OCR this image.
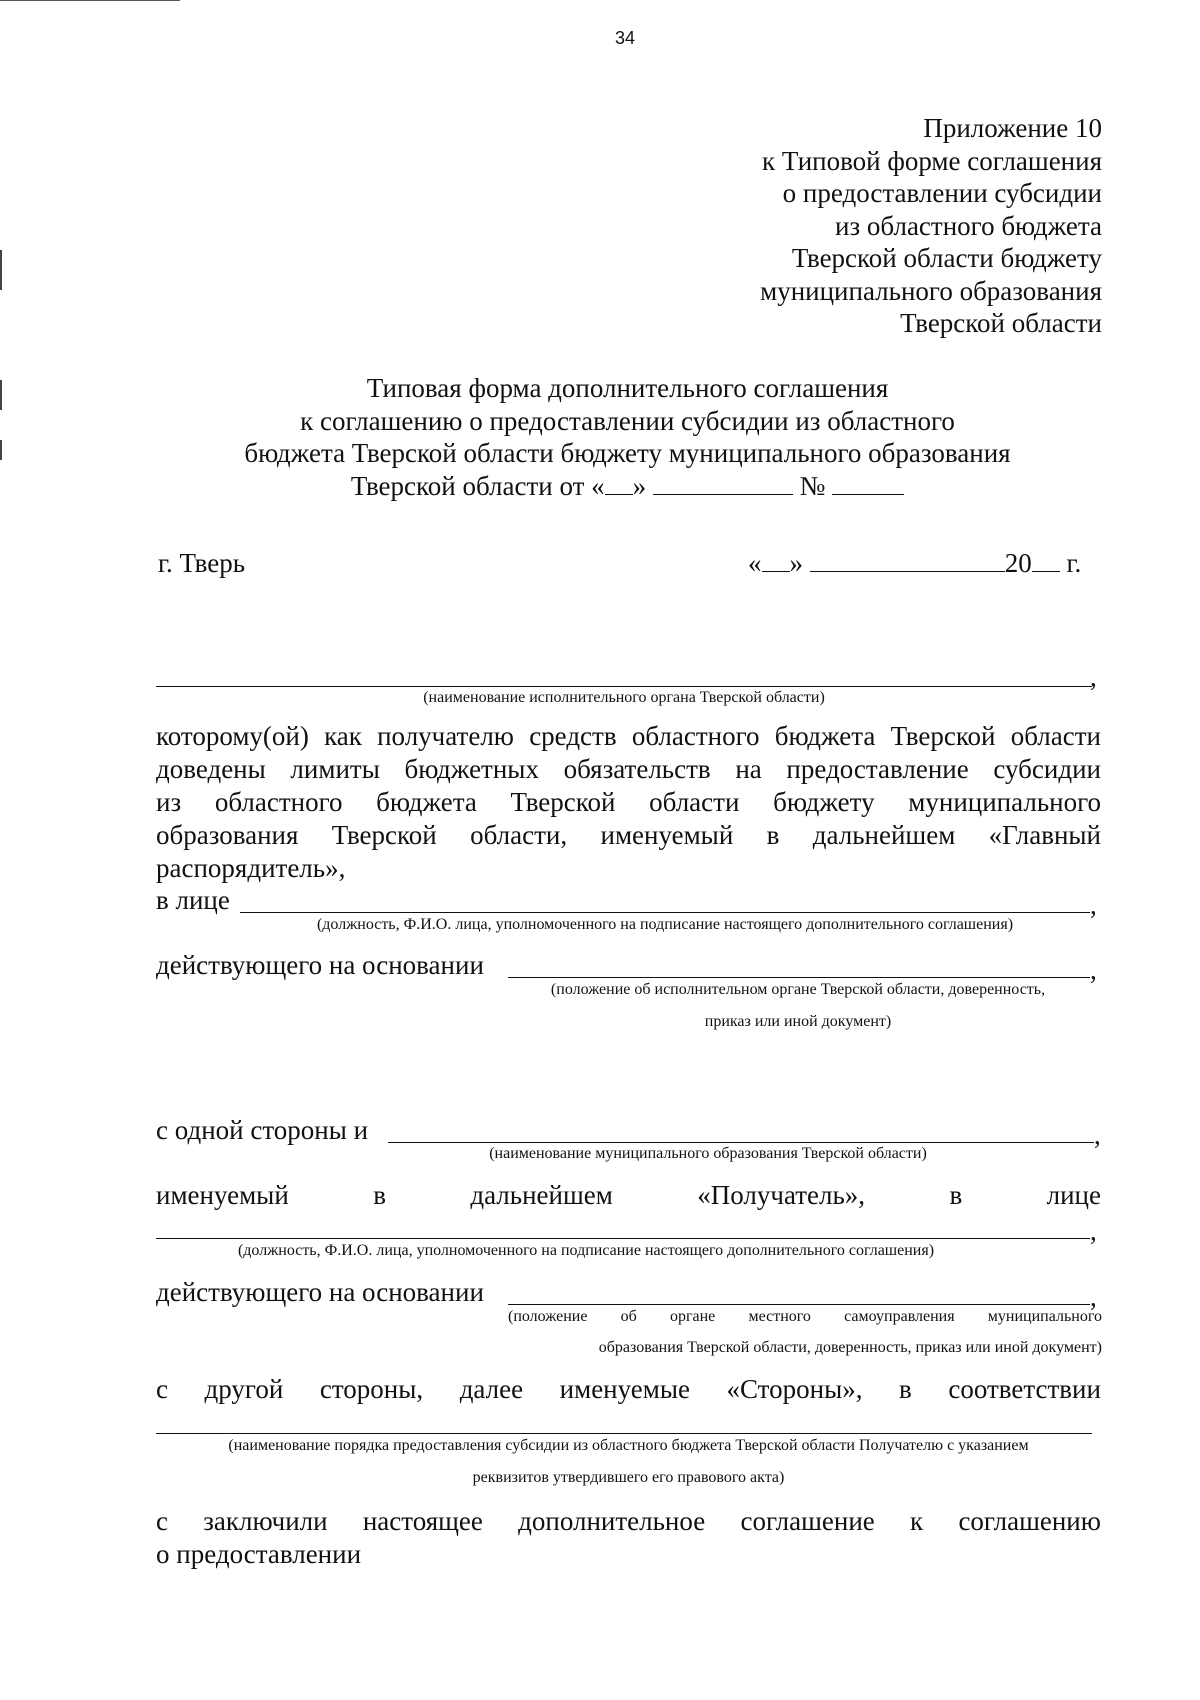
34
Приложение 10
к Типовой форме соглашения
о предоставлении субсидии
из областного бюджета
Тверской области бюджету
муниципального образования
Тверской области
Типовая форма дополнительного соглашения
к соглашению о предоставлении субсидии из областного
бюджета Тверской области бюджету муниципального образования
Тверской области от « »	№
г. Тверь	« »	20 г.
,
(наименование исполнительного органа Тверской области)
которому(ой) как получателю средств областного бюджета Тверской области
доведены лимиты бюджетных обязательств на предоставление субсидии
из областного бюджета Тверской области бюджету муниципального
образования Тверской области, именуемый в дальнейшем «Главный
распорядитель»,
в лице	,
(должность, Ф.И.О. лица, уполномоченного на подписание настоящего дополнительного соглашения)
действующего на основании	,
(положение об исполнительном органе Тверской области, доверенность,
приказ или иной документ)
с одной стороны и	,
(наименование муниципального образования Тверской области)
именуемый	в	дальнейшем	«Получатель»,	в	лице
,
(должность, Ф.И.О. лица, уполномоченного на подписание настоящего дополнительного соглашения)
действующего на основании	,
(положение об органе местного самоуправления муниципального
образования Тверской области, доверенность, приказ или иной документ)
с другой стороны, далее именуемые «Стороны», в соответствии
(наименование порядка предоставления субсидии из областного бюджета Тверской области Получателю с указанием
реквизитов утвердившего его правового акта)
с заключили настоящее дополнительное соглашение к соглашению
о предоставлении
